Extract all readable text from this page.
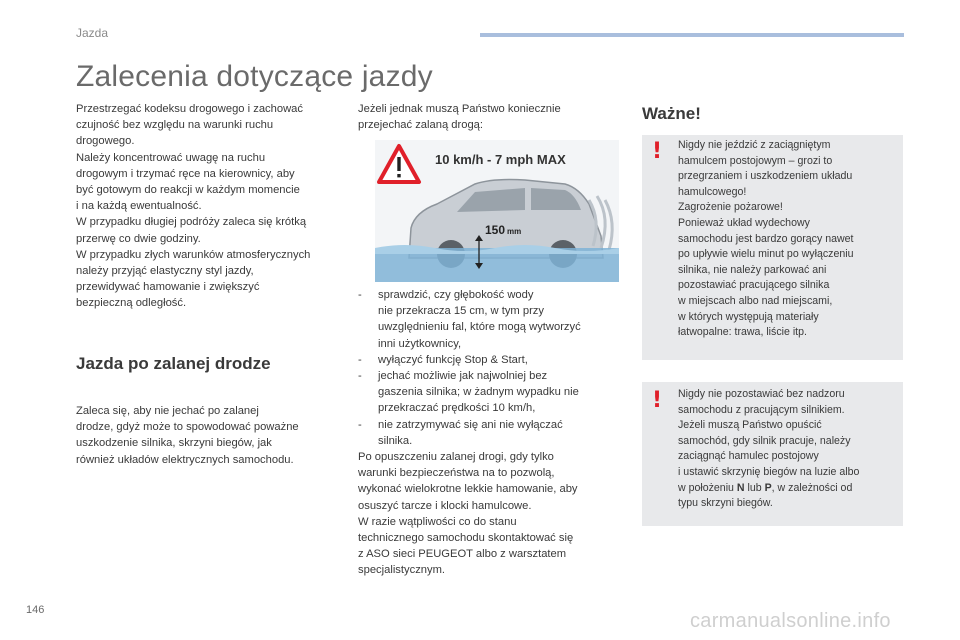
Jazda
Zalecenia dotyczące jazdy

Przestrzegać kodeksu drogowego i zachować

czujność bez względu na warunki ruchu

drogowego.

Należy koncentrować uwagę na ruchu

drogowym i trzymać ręce na kierownicy, aby

być gotowym do reakcji w każdym momencie

i na każdą ewentualność.

W przypadku długiej podróży zaleca się krótką

przerwę co dwie godziny.

W przypadku złych warunków atmosferycznych

należy przyjąć elastyczny styl jazdy,

przewidywać hamowanie i zwiększyć

bezpieczną odległość.

Jazda po zalanej drodze

Zaleca się, aby nie jechać po zalanej

drodze, gdyż może to spowodować poważne

uszkodzenie silnika, skrzyni biegów, jak

również układów elektrycznych samochodu.

Jeżeli jednak muszą Państwo koniecznie

przejechać zalaną drogą:

10 km/h - 7 mph MAX
150 mm
-	sprawdzić, czy głębokość wody
nie przekracza 15 cm, w tym przy
uwzględnieniu fal, które mogą wytworzyć
inni użytkownicy,
-	wyłączyć funkcję Stop & Start,
-	jechać możliwie jak najwolniej bez
gaszenia silnika; w żadnym wypadku nie
przekraczać prędkości 10 km/h,
-	nie zatrzymywać się ani nie wyłączać
silnika.

Po opuszczeniu zalanej drogi, gdy tylko

warunki bezpieczeństwa na to pozwolą,

wykonać wielokrotne lekkie hamowanie, aby

osuszyć tarcze i klocki hamulcowe.

W razie wątpliwości co do stanu

technicznego samochodu skontaktować się

z ASO sieci PEUGEOT albo z warsztatem

specjalistycznym.

Ważne!
! Nigdy nie jeździć z zaciągniętym

hamulcem postojowym – grozi to

przegrzaniem i uszkodzeniem układu

hamulcowego!

Zagrożenie pożarowe!

Ponieważ układ wydechowy

samochodu jest bardzo gorący nawet

po upływie wielu minut po wyłączeniu

silnika, nie należy parkować ani

pozostawiać pracującego silnika

w miejscach albo nad miejscami,

w których występują materiały

łatwopalne: trawa, liście itp.

! Nigdy nie pozostawiać bez nadzoru

samochodu z pracującym silnikiem.

Jeżeli muszą Państwo opuścić

samochód, gdy silnik pracuje, należy

zaciągnąć hamulec postojowy

i ustawić skrzynię biegów na luzie albo

w położeniu N lub P, w zależności od

typu skrzyni biegów.

146	carmanualsonline.info
